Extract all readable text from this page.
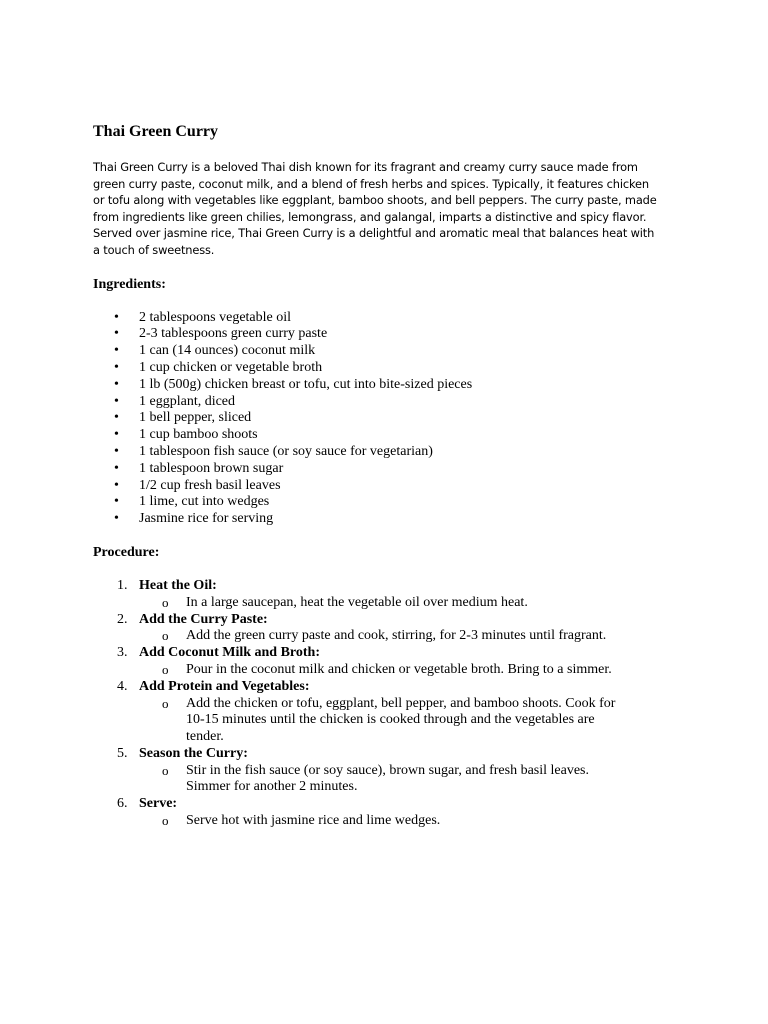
Thai Green Curry
Thai Green Curry is a beloved Thai dish known for its fragrant and creamy curry sauce made from
green curry paste, coconut milk, and a blend of fresh herbs and spices. Typically, it features chicken
or tofu along with vegetables like eggplant, bamboo shoots, and bell peppers. The curry paste, made
from ingredients like green chilies, lemongrass, and galangal, imparts a distinctive and spicy flavor.
Served over jasmine rice, Thai Green Curry is a delightful and aromatic meal that balances heat with
a touch of sweetness.
Ingredients:
• 2 tablespoons vegetable oil
• 2-3 tablespoons green curry paste
• 1 can (14 ounces) coconut milk
• 1 cup chicken or vegetable broth
• 1 lb (500g) chicken breast or tofu, cut into bite-sized pieces
• 1 eggplant, diced
• 1 bell pepper, sliced
• 1 cup bamboo shoots
• 1 tablespoon fish sauce (or soy sauce for vegetarian)
• 1 tablespoon brown sugar
• 1/2 cup fresh basil leaves
• 1 lime, cut into wedges
• Jasmine rice for serving
Procedure:
1. Heat the Oil:
o In a large saucepan, heat the vegetable oil over medium heat.
2. Add the Curry Paste:
o Add the green curry paste and cook, stirring, for 2-3 minutes until fragrant.
3. Add Coconut Milk and Broth:
o Pour in the coconut milk and chicken or vegetable broth. Bring to a simmer.
4. Add Protein and Vegetables:
o Add the chicken or tofu, eggplant, bell pepper, and bamboo shoots. Cook for
10-15 minutes until the chicken is cooked through and the vegetables are
tender.
5. Season the Curry:
o Stir in the fish sauce (or soy sauce), brown sugar, and fresh basil leaves.
Simmer for another 2 minutes.
6. Serve:
o Serve hot with jasmine rice and lime wedges.
